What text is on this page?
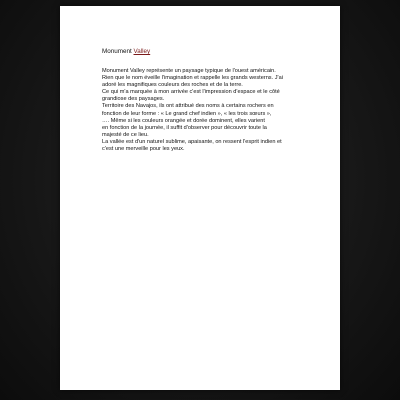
Monument Valley

Monument Valley représente un paysage typique de l'ouest américain.

Rien que le nom éveille l'imagination et rappelle les grands westerns. J'ai

adoré les magnifiques couleurs des roches et de la terre.

Ce qui m'a marquée à mon arrivée c'est l'impression d'espace et le côté

grandiose des paysages.

Territoire des Navajos, ils ont attribué des noms à certains rochers en

fonction de leur forme : « Le grand chef indien », « les trois sœurs »,

…. Même si les couleurs orangée et dorée dominent, elles varient

en fonction de la journée, il suffit d'observer pour découvrir toute la

majesté de ce lieu.

La vallée est d'un naturel sublime, apaisante, on ressent l'esprit indien et

c'est une merveille pour les yeux.
